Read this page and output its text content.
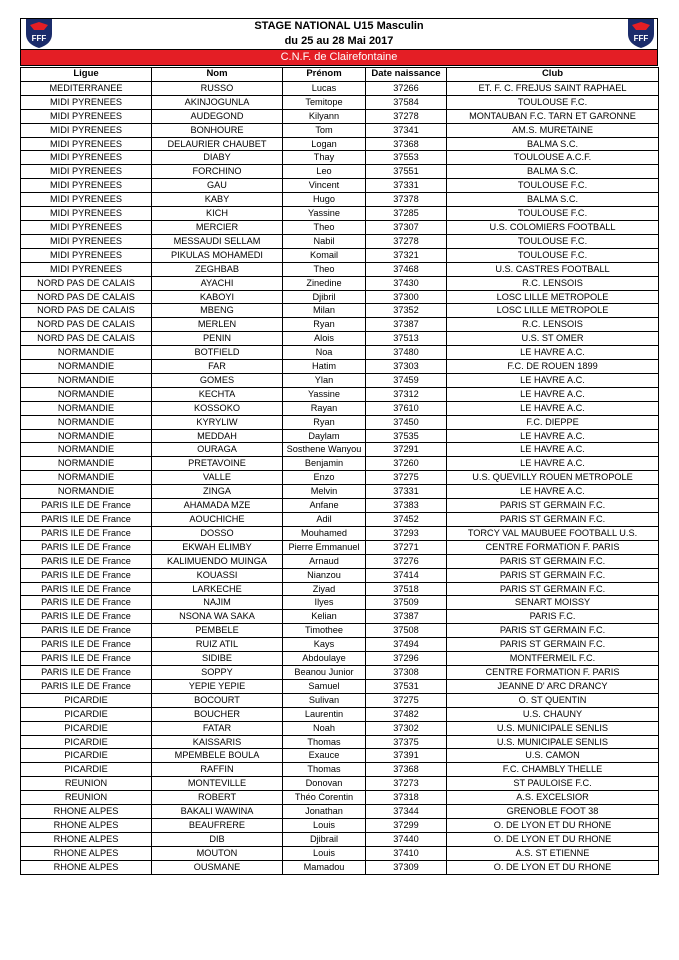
FFF	FFF
STAGE NATIONAL U15 Masculin
du 25 au 28 Mai 2017
C.N.F. de Clairefontaine
Ligue	Nom	Prénom	Date naissance	Club
MEDITERRANEE	RUSSO	Lucas	37266	ET. F. C. FREJUS SAINT RAPHAEL
MIDI PYRENEES	AKINJOGUNLA	Temitope	37584	TOULOUSE F.C.
MIDI PYRENEES	AUDEGOND	Kilyann	37278	MONTAUBAN F.C. TARN ET GARONNE
MIDI PYRENEES	BONHOURE	Tom	37341	AM.S. MURETAINE
MIDI PYRENEES	DELAURIER CHAUBET	Logan	37368	BALMA S.C.
MIDI PYRENEES	DIABY	Thay	37553	TOULOUSE A.C.F.
MIDI PYRENEES	FORCHINO	Leo	37551	BALMA S.C.
MIDI PYRENEES	GAU	Vincent	37331	TOULOUSE F.C.
MIDI PYRENEES	KABY	Hugo	37378	BALMA S.C.
MIDI PYRENEES	KICH	Yassine	37285	TOULOUSE F.C.
MIDI PYRENEES	MERCIER	Theo	37307	U.S. COLOMIERS FOOTBALL
MIDI PYRENEES	MESSAUDI SELLAM	Nabil	37278	TOULOUSE F.C.
MIDI PYRENEES	PIKULAS MOHAMEDI	Komail	37321	TOULOUSE F.C.
MIDI PYRENEES	ZEGHBAB	Theo	37468	U.S. CASTRES FOOTBALL
NORD PAS DE CALAIS	AYACHI	Zinedine	37430	R.C. LENSOIS
NORD PAS DE CALAIS	KABOYI	Djibril	37300	LOSC LILLE METROPOLE
NORD PAS DE CALAIS	MBENG	Milan	37352	LOSC LILLE METROPOLE
NORD PAS DE CALAIS	MERLEN	Ryan	37387	R.C. LENSOIS
NORD PAS DE CALAIS	PENIN	Alois	37513	U.S. ST OMER
NORMANDIE	BOTFIELD	Noa	37480	LE HAVRE A.C.
NORMANDIE	FAR	Hatim	37303	F.C. DE ROUEN 1899
NORMANDIE	GOMES	Ylan	37459	LE HAVRE A.C.
NORMANDIE	KECHTA	Yassine	37312	LE HAVRE A.C.
NORMANDIE	KOSSOKO	Rayan	37610	LE HAVRE A.C.
NORMANDIE	KYRYLIW	Ryan	37450	F.C. DIEPPE
NORMANDIE	MEDDAH	Daylam	37535	LE HAVRE A.C.
NORMANDIE	OURAGA	Sosthene Wanyou	37291	LE HAVRE A.C.
NORMANDIE	PRETAVOINE	Benjamin	37260	LE HAVRE A.C.
NORMANDIE	VALLE	Enzo	37275	U.S. QUEVILLY ROUEN METROPOLE
NORMANDIE	ZINGA	Melvin	37331	LE HAVRE A.C.
PARIS ILE DE France	AHAMADA MZE	Anfane	37383	PARIS ST GERMAIN F.C.
PARIS ILE DE France	AOUCHICHE	Adil	37452	PARIS ST GERMAIN F.C.
PARIS ILE DE France	DOSSO	Mouhamed	37293	TORCY VAL MAUBUEE FOOTBALL U.S.
PARIS ILE DE France	EKWAH ELIMBY	Pierre Emmanuel	37271	CENTRE FORMATION F. PARIS
PARIS ILE DE France	KALIMUENDO MUINGA	Arnaud	37276	PARIS ST GERMAIN F.C.
PARIS ILE DE France	KOUASSI	Nianzou	37414	PARIS ST GERMAIN F.C.
PARIS ILE DE France	LARKECHE	Ziyad	37518	PARIS ST GERMAIN F.C.
PARIS ILE DE France	NAJIM	Ilyes	37509	SENART MOISSY
PARIS ILE DE France	NSONA WA SAKA	Kelian	37387	PARIS F.C.
PARIS ILE DE France	PEMBELE	Timothee	37508	PARIS ST GERMAIN F.C.
PARIS ILE DE France	RUIZ ATIL	Kays	37494	PARIS ST GERMAIN F.C.
PARIS ILE DE France	SIDIBE	Abdoulaye	37296	MONTFERMEIL F.C.
PARIS ILE DE France	SOPPY	Beanou Junior	37308	CENTRE FORMATION F. PARIS
PARIS ILE DE France	YEPIE YEPIE	Samuel	37531	JEANNE D' ARC DRANCY
PICARDIE	BOCOURT	Sulivan	37275	O. ST QUENTIN
PICARDIE	BOUCHER	Laurentin	37482	U.S. CHAUNY
PICARDIE	FATAR	Noah	37302	U.S. MUNICIPALE SENLIS
PICARDIE	KAISSARIS	Thomas	37375	U.S. MUNICIPALE SENLIS
PICARDIE	MPEMBELE BOULA	Exauce	37391	U.S. CAMON
PICARDIE	RAFFIN	Thomas	37368	F.C. CHAMBLY THELLE
REUNION	MONTEVILLE	Donovan	37273	ST PAULOISE F.C.
REUNION	ROBERT	Théo Corentin	37318	A.S. EXCELSIOR
RHONE ALPES	BAKALI WAWINA	Jonathan	37344	GRENOBLE FOOT 38
RHONE ALPES	BEAUFRERE	Louis	37299	O. DE LYON ET DU RHONE
RHONE ALPES	DIB	Djibrail	37440	O. DE LYON ET DU RHONE
RHONE ALPES	MOUTON	Louis	37410	A.S. ST ETIENNE
RHONE ALPES	OUSMANE	Mamadou	37309	O. DE LYON ET DU RHONE
